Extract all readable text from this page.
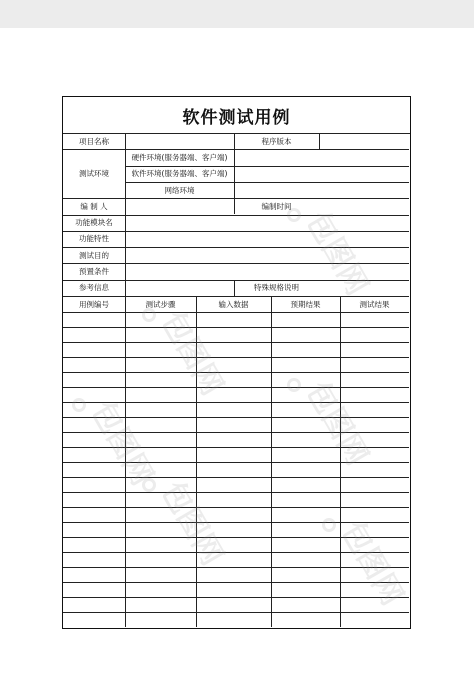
软件测试用例
项目名称	程序版本
测试环境
硬件环境(服务器端、客户端)
软件环境(服务器端、客户端)
网络环境
编 制 人	编制时间
功能模块名
功能特性
测试目的
预置条件
参考信息	特殊规格说明
用例编号	测试步骤	输入数据	预期结果	测试结果
